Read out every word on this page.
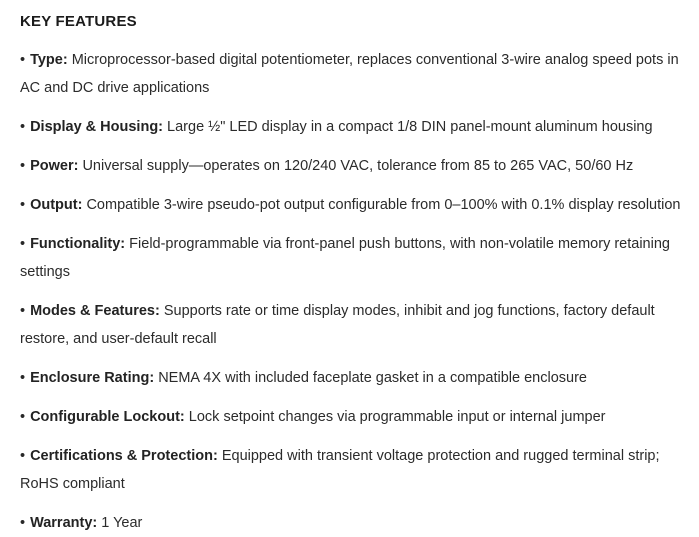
KEY FEATURES

• Type: Microprocessor-based digital potentiometer, replaces conventional 3-wire analog speed pots in AC and DC drive applications

• Display & Housing: Large ½" LED display in a compact 1/8 DIN panel-mount aluminum housing

• Power: Universal supply—operates on 120/240 VAC, tolerance from 85 to 265 VAC, 50/60 Hz

• Output: Compatible 3-wire pseudo-pot output configurable from 0–100% with 0.1% display resolution

• Functionality: Field-programmable via front-panel push buttons, with non-volatile memory retaining settings

• Modes & Features: Supports rate or time display modes, inhibit and jog functions, factory default restore, and user-default recall

• Enclosure Rating: NEMA 4X with included faceplate gasket in a compatible enclosure

• Configurable Lockout: Lock setpoint changes via programmable input or internal jumper

• Certifications & Protection: Equipped with transient voltage protection and rugged terminal strip; RoHS compliant

• Warranty: 1 Year
